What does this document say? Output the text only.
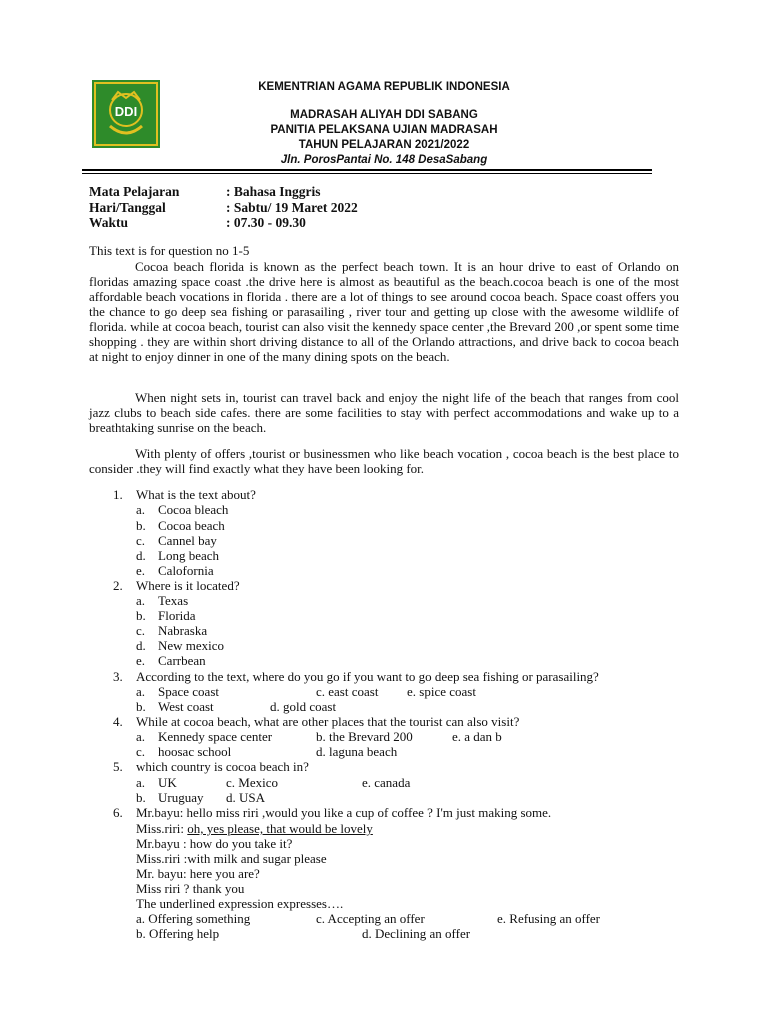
DDI
KEMENTRIAN AGAMA REPUBLIK INDONESIA
MADRASAH ALIYAH DDI SABANG
PANITIA PELAKSANA UJIAN MADRASAH
TAHUN PELAJARAN 2021/2022
Jln. PorosPantai No. 148 DesaSabang
Mata Pelajaran	: Bahasa Inggris
Hari/Tanggal	: Sabtu/ 19 Maret 2022
Waktu	: 07.30 - 09.30
This text is for question no 1-5

Cocoa beach florida is known as the perfect beach town. It is an hour drive to east of Orlando on floridas amazing space coast .the drive here is almost as beautiful as the beach.cocoa beach is one of the most affordable beach vocations in florida . there are a lot of things to see around cocoa beach. Space coast offers you the chance to go deep sea fishing or parasailing , river tour and getting up close with the awesome wildlife of florida. while at cocoa beach, tourist can also visit the kennedy space center ,the Brevard 200 ,or spent some time shopping . they are within short driving distance to all of the Orlando attractions, and drive back to cocoa beach at night to enjoy dinner in one of the many dining spots on the beach.

When night sets in, tourist can travel back and enjoy the night life of the beach that ranges from cool jazz clubs to beach side cafes. there are some facilities to stay with perfect accommodations and wake up to a breathtaking sunrise on the beach.

With plenty of offers ,tourist or businessmen who like beach vocation , cocoa beach is the best place to consider .they will find exactly what they have been looking for.

1. What is the text about?
a. Cocoa bleach
b. Cocoa beach
c. Cannel bay
d. Long beach
e. Calofornia
2. Where is it located?
a. Texas
b. Florida
c. Nabraska
d. New mexico
e. Carrbean
3. According to the text, where do you go if you want to go deep sea fishing or parasailing?
a. Space coast	c. east coast e. spice coast
b. West coast	d. gold coast
4. While at cocoa beach, what are other places that the tourist can also visit?
a. Kennedy space center	b. the Brevard 200	e. a dan b
c. hoosac school	d. laguna beach
5. which country is cocoa beach in?
a. UK	c. Mexico	e. canada
b. Uruguay d. USA
6. Mr.bayu: hello miss riri ,would you like a cup of coffee ? I'm just making some.
Miss.riri: oh, yes please, that would be lovely
Mr.bayu : how do you take it?
Miss.riri :with milk and sugar please
Mr. bayu: here you are?
Miss riri ? thank you
The underlined expression expresses….
a. Offering something	c. Accepting an offer	e. Refusing an offer
b. Offering help	d. Declining an offer
